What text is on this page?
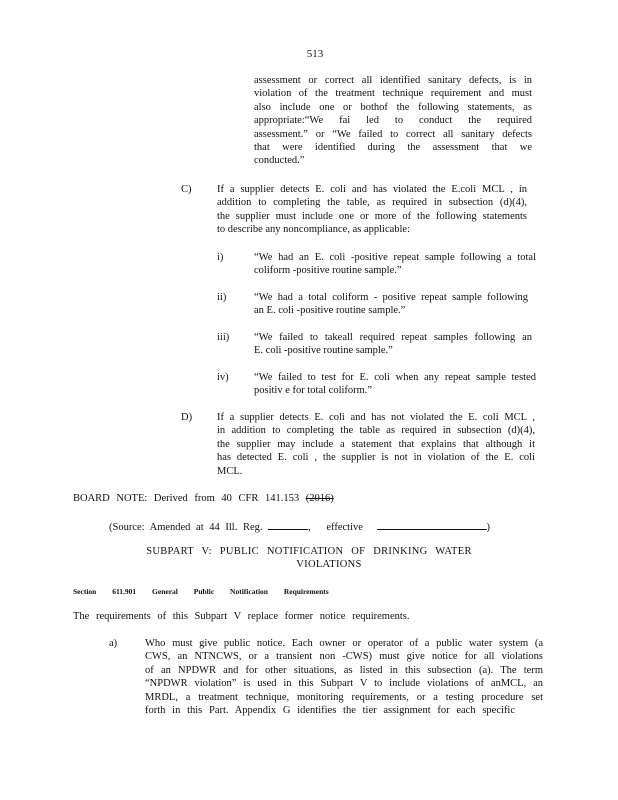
513
assessment or correct all identified sanitary defects, is in
violation of the treatment technique requirement and must
also include one or bothof the following statements, as
appropriate:“We fai led to conduct the required
assessment.” or “We failed to correct all sanitary defects
that were identified during the assessment that we
conducted.”
C) If a supplier detects E. coli and has violated the E.coli MCL , in
addition to completing the table, as required in subsection (d)(4),
the supplier must include one or more of the following statements
to describe any noncompliance, as applicable:
i)	“We had an E. coli -positive repeat sample following a total
coliform -positive routine sample.”
ii)	“We had a total coliform - positive repeat sample following
an E. coli -positive routine sample.”
iii) “We failed to takeall required repeat samples following an
E. coli -positive routine sample.”
iv) “We failed to test for E. coli when any repeat sample tested
positiv e for total coliform.”
D) If a supplier detects E. coli and has not violated the E. coli MCL ,
in addition to completing the table as required in subsection (d)(4),
the supplier may include a statement that explains that although it
has detected E. coli , the supplier is not in violation of the E. coli
MCL.
BOARD NOTE: Derived from 40 CFR 141.153 (2016)
(Source: Amended at 44 Ill. Reg.	, effective	)
SUBPART V: PUBLIC NOTIFICATION OF DRINKING WATER
VIOLATIONS
Section 611.901 General Public Notification Requirements
The requirements of this Subpart V replace former notice requirements.
a)	Who must give public notice. Each owner or operator of a public water system (a
CWS, an NTNCWS, or a transient non -CWS) must give notice for all violations
of an NPDWR and for other situations, as listed in this subsection (a). The term
“NPDWR violation” is used in this Subpart V to include violations of anMCL, an
MRDL, a treatment technique, monitoring requirements, or a testing procedure set
forth in this Part. Appendix G identifies the tier assignment for each specific
